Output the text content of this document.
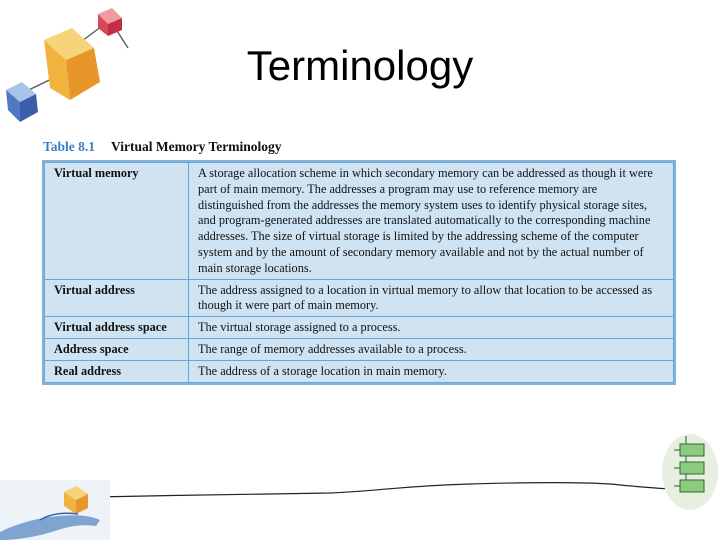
Terminology
Table 8.1 Virtual Memory Terminology
Virtual memory	A storage allocation scheme in which secondary memory can be addressed as though it were part of main memory. The addresses a program may use to reference memory are distinguished from the addresses the memory system uses to identify physical storage sites, and program-generated addresses are translated automatically to the corresponding machine addresses. The size of virtual storage is limited by the addressing scheme of the computer system and by the amount of secondary memory available and not by the actual number of main storage locations.
Virtual address	The address assigned to a location in virtual memory to allow that location to be accessed as though it were part of main memory.
Virtual address space	The virtual storage assigned to a process.
Address space	The range of memory addresses available to a process.
Real address	The address of a storage location in main memory.
